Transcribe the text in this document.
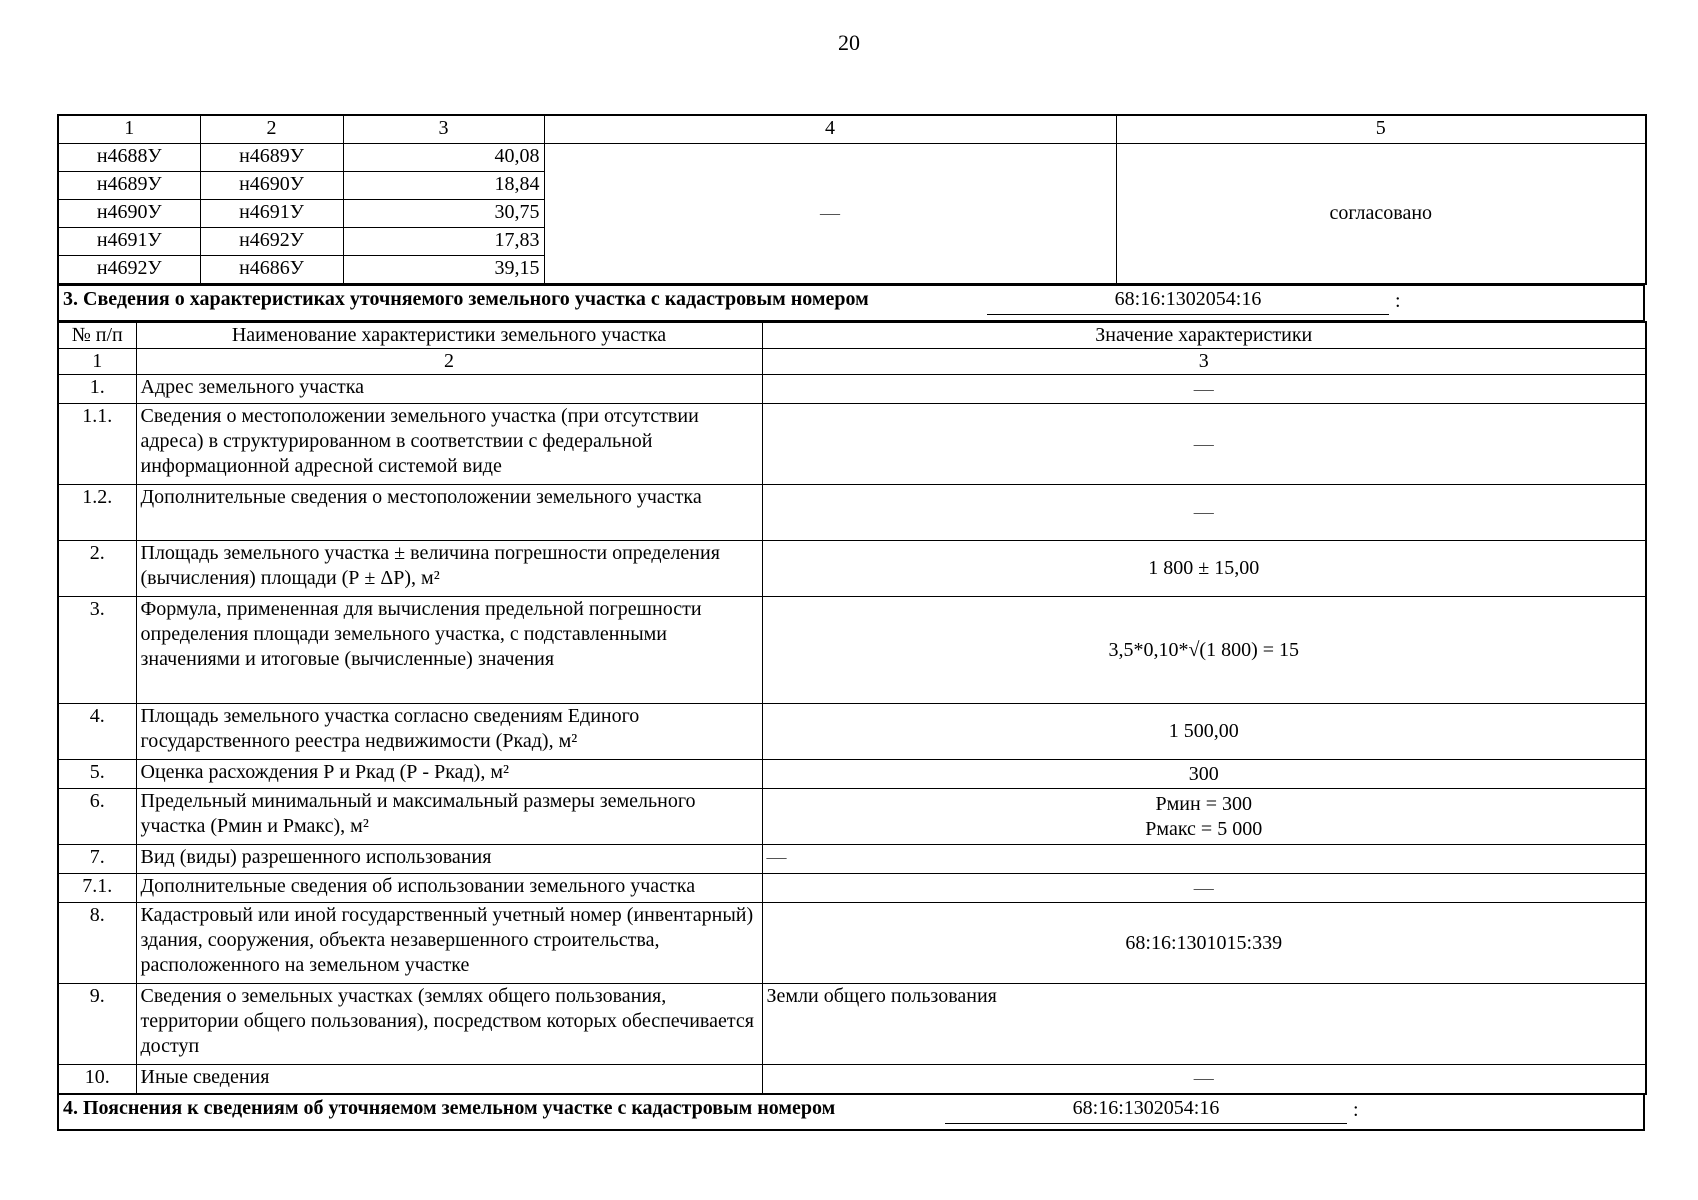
20
1	2	3	4	5
н4688У	н4689У	40,08	—	согласовано
н4689У	н4690У	18,84		
н4690У	н4691У	30,75		
н4691У	н4692У	17,83		
н4692У	н4686У	39,15		
3. Сведения о характеристиках уточняемого земельного участка с кадастровым номером	68:16:1302054:16	:
№ п/п	Наименование характеристики земельного участка	Значение характеристики
1	2	3
1.	Адрес земельного участка	—
1.1.	Сведения о местоположении земельного участка (при отсутствии адреса) в структурированном в соответствии с федеральной информационной адресной системой виде	—
1.2.	Дополнительные сведения о местоположении земельного участка	—
2.	Площадь земельного участка ± величина погрешности определения (вычисления) площади (Р ± ΔР), м²	1 800 ± 15,00
3.	Формула, примененная для вычисления предельной погрешности определения площади земельного участка, с подставленными значениями и итоговые (вычисленные) значения	3,5*0,10*√(1 800) = 15
4.	Площадь земельного участка согласно сведениям Единого государственного реестра недвижимости (Ркад), м²	1 500,00
5.	Оценка расхождения Р и Ркад (Р - Ркад), м²	300
6.	Предельный минимальный и максимальный размеры земельного участка (Рмин и Рмакс), м²	Рмин = 300
Рмакс = 5 000

7.	Вид (виды) разрешенного использования	—
7.1.	Дополнительные сведения об использовании земельного участка	—
8.	Кадастровый или иной государственный учетный номер (инвентарный) здания, сооружения, объекта незавершенного строительства, расположенного на земельном участке	68:16:1301015:339
9.	Сведения о земельных участках (землях общего пользования, территории общего пользования), посредством которых обеспечивается доступ	Земли общего пользования
10.	Иные сведения	—
4. Пояснения к сведениям об уточняемом земельном участке с кадастровым номером	68:16:1302054:16	:
